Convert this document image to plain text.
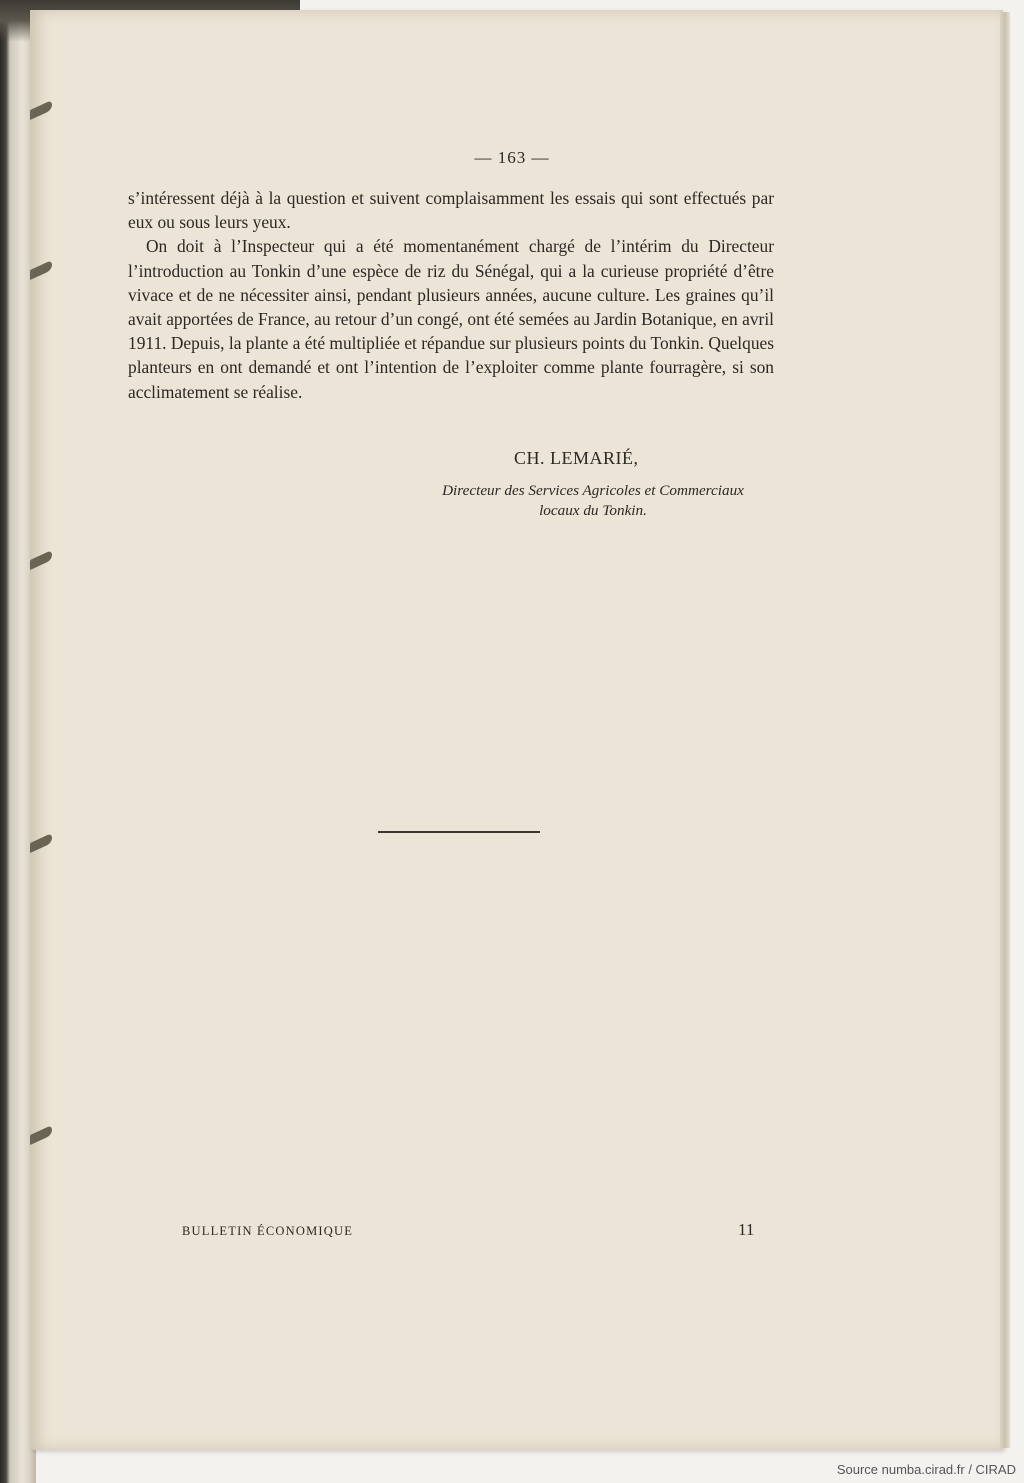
— 163 —

s’intéressent déjà à la question et suivent complaisamment les essais qui sont effectués par eux ou sous leurs yeux.

On doit à l’Inspecteur qui a été momentanément chargé de l’intérim du Directeur l’introduction au Tonkin d’une espèce de riz du Sénégal, qui a la curieuse propriété d’être vivace et de ne nécessiter ainsi, pendant plusieurs années, aucune culture. Les graines qu’il avait apportées de France, au retour d’un congé, ont été semées au Jardin Botanique, en avril 1911. Depuis, la plante a été multipliée et répandue sur plusieurs points du Tonkin. Quelques planteurs en ont demandé et ont l’intention de l’exploiter comme plante fourragère, si son acclimatement se réalise.

CH. LEMARIÉ,
Directeur des Services Agricoles et Commerciaux
locaux du Tonkin.
BULLETIN ÉCONOMIQUE	11
Source numba.cirad.fr / CIRAD
